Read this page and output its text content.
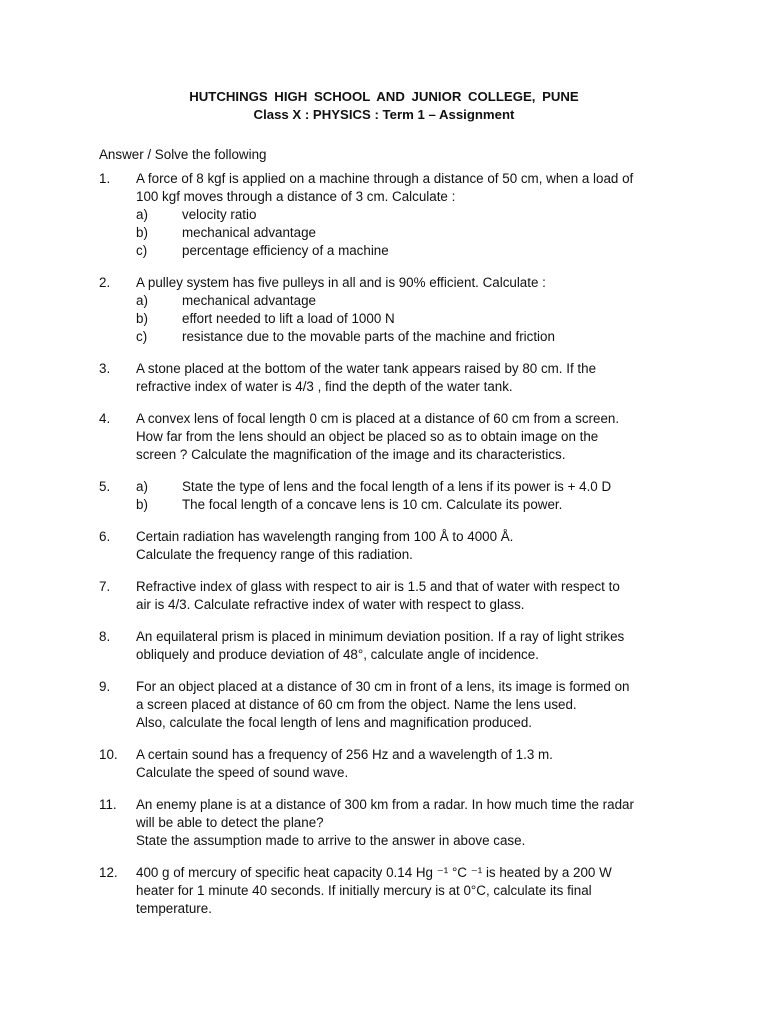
HUTCHINGS HIGH SCHOOL AND JUNIOR COLLEGE, PUNE
Class X : PHYSICS : Term 1 – Assignment
Answer / Solve the following
1. A force of 8 kgf is applied on a machine through a distance of 50 cm, when a load of
100 kgf moves through a distance of 3 cm. Calculate :
a)	velocity ratio
b)	mechanical advantage
c)	percentage efficiency of a machine
2. A pulley system has five pulleys in all and is 90% efficient. Calculate :
a)	mechanical advantage
b)	effort needed to lift a load of 1000 N
c)	resistance due to the movable parts of the machine and friction
3. A stone placed at the bottom of the water tank appears raised by 80 cm. If the
refractive index of water is 4/3 , find the depth of the water tank.
4. A convex lens of focal length 0 cm is placed at a distance of 60 cm from a screen.
How far from the lens should an object be placed so as to obtain image on the
screen ? Calculate the magnification of the image and its characteristics.
5. a)	State the type of lens and the focal length of a lens if its power is + 4.0 D
b)	The focal length of a concave lens is 10 cm. Calculate its power.
6. Certain radiation has wavelength ranging from 100 Å to 4000 Å.
Calculate the frequency range of this radiation.
7. Refractive index of glass with respect to air is 1.5 and that of water with respect to
air is 4/3. Calculate refractive index of water with respect to glass.
8. An equilateral prism is placed in minimum deviation position. If a ray of light strikes
obliquely and produce deviation of 48°, calculate angle of incidence.
9. For an object placed at a distance of 30 cm in front of a lens, its image is formed on
a screen placed at distance of 60 cm from the object. Name the lens used.
Also, calculate the focal length of lens and magnification produced.
10. A certain sound has a frequency of 256 Hz and a wavelength of 1.3 m.
Calculate the speed of sound wave.
11. An enemy plane is at a distance of 300 km from a radar. In how much time the radar
will be able to detect the plane?
State the assumption made to arrive to the answer in above case.
12. 400 g of mercury of specific heat capacity 0.14 Hg ⁻¹ °C ⁻¹ is heated by a 200 W
heater for 1 minute 40 seconds. If initially mercury is at 0°C, calculate its final
temperature.
